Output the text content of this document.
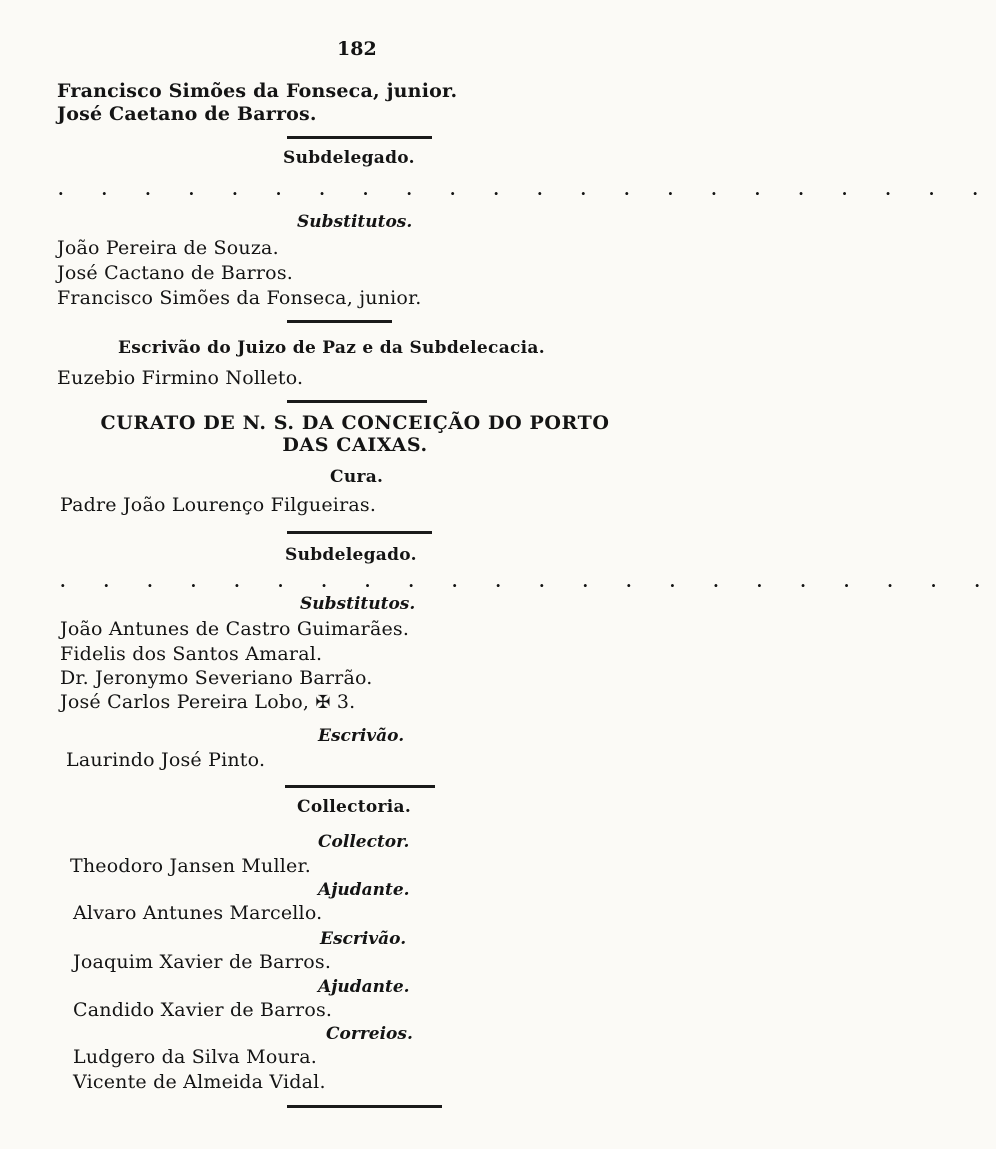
182
Francisco Simões da Fonseca, junior.
José Caetano de Barros.
Subdelegado.
. . . . . . . . . . . . . . . . . . . . . .
Substitutos.
João Pereira de Souza.
José Cactano de Barros.
Francisco Simões da Fonseca, junior.
Escrivão do Juizo de Paz e da Subdelecacia.
Euzebio Firmino Nolleto.
CURATO DE N. S. DA CONCEIÇÃO DO PORTO
DAS CAIXAS.
Cura.
Padre João Lourenço Filgueiras.
Subdelegado.
. . . . . . . . . . . . . . . . . . . . . .
Substitutos.
João Antunes de Castro Guimarães.
Fidelis dos Santos Amaral.
Dr. Jeronymo Severiano Barrão.
José Carlos Pereira Lobo, ✠ 3.
Escrivão.
Laurindo José Pinto.
Collectoria.
Collector.
Theodoro Jansen Muller.
Ajudante.
Alvaro Antunes Marcello.
Escrivão.
Joaquim Xavier de Barros.
Ajudante.
Candido Xavier de Barros.
Correios.
Ludgero da Silva Moura.
Vicente de Almeida Vidal.
